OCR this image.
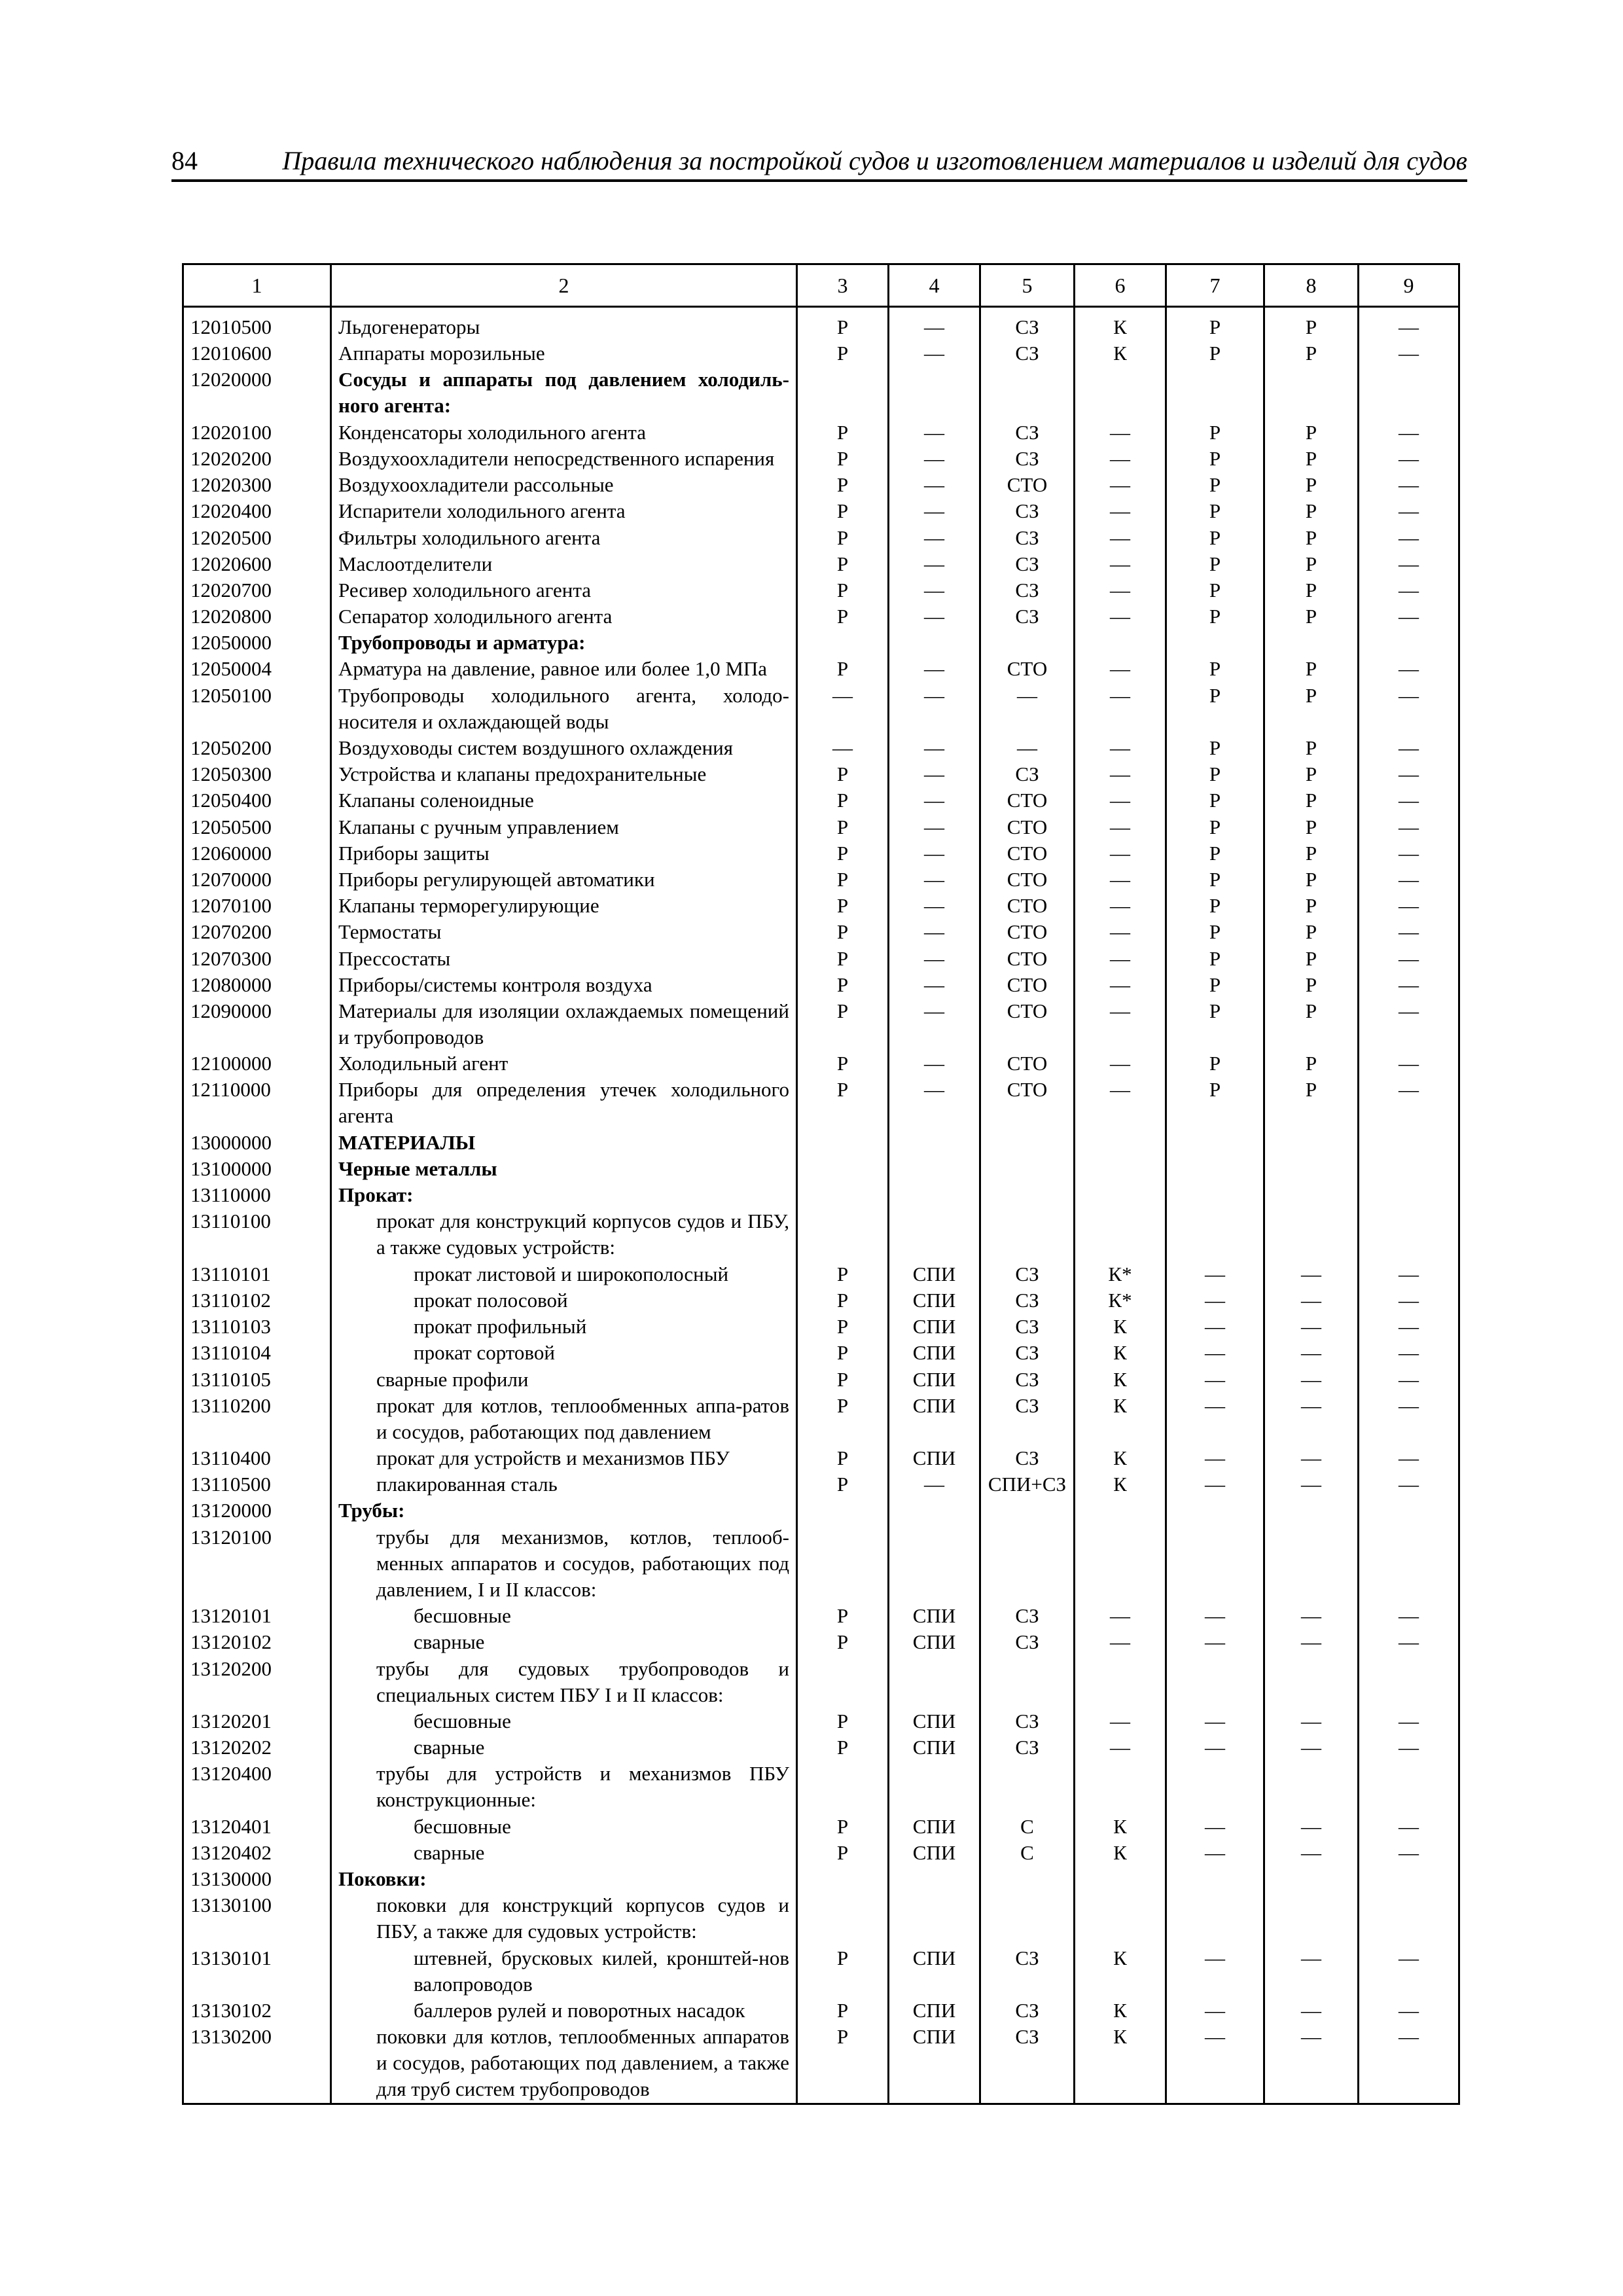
84	Правила технического наблюдения за постройкой судов и изготовлением материалов и изделий для судов
1	2	3	4	5	6	7	8	9
12010500	Льдогенераторы	Р	—	СЗ	К	Р	Р	—
12010600	Аппараты морозильные	Р	—	СЗ	К	Р	Р	—
12020000	Сосуды и аппараты под давлением холодиль-ного агента:							
12020100	Конденсаторы холодильного агента	Р	—	СЗ	—	Р	Р	—
12020200	Воздухоохладители непосредственного испарения	Р	—	СЗ	—	Р	Р	—
12020300	Воздухоохладители рассольные	Р	—	СТО	—	Р	Р	—
12020400	Испарители холодильного агента	Р	—	СЗ	—	Р	Р	—
12020500	Фильтры холодильного агента	Р	—	СЗ	—	Р	Р	—
12020600	Маслоотделители	Р	—	СЗ	—	Р	Р	—
12020700	Ресивер холодильного агента	Р	—	СЗ	—	Р	Р	—
12020800	Сепаратор холодильного агента	Р	—	СЗ	—	Р	Р	—
12050000	Трубопроводы и арматура:							
12050004	Арматура на давление, равное или более 1,0 МПа	Р	—	СТО	—	Р	Р	—
12050100	Трубопроводы холодильного агента, холодо-носителя и охлаждающей воды	—	—	—	—	Р	Р	—
12050200	Воздуховоды систем воздушного охлаждения	—	—	—	—	Р	Р	—
12050300	Устройства и клапаны предохранительные	Р	—	СЗ	—	Р	Р	—
12050400	Клапаны соленоидные	Р	—	СТО	—	Р	Р	—
12050500	Клапаны с ручным управлением	Р	—	СТО	—	Р	Р	—
12060000	Приборы защиты	Р	—	СТО	—	Р	Р	—
12070000	Приборы регулирующей автоматики	Р	—	СТО	—	Р	Р	—
12070100	Клапаны терморегулирующие	Р	—	СТО	—	Р	Р	—
12070200	Термостаты	Р	—	СТО	—	Р	Р	—
12070300	Прессостаты	Р	—	СТО	—	Р	Р	—
12080000	Приборы/системы контроля воздуха	Р	—	СТО	—	Р	Р	—
12090000	Материалы для изоляции охлаждаемых помещений и трубопроводов	Р	—	СТО	—	Р	Р	—
12100000	Холодильный агент	Р	—	СТО	—	Р	Р	—
12110000	Приборы для определения утечек холодильного агента	Р	—	СТО	—	Р	Р	—
13000000	МАТЕРИАЛЫ							
13100000	Черные металлы							
13110000	Прокат:							
13110100	прокат для конструкций корпусов судов и ПБУ, а также судовых устройств:							
13110101	прокат листовой и широкополосный	Р	СПИ	СЗ	К*	—	—	—
13110102	прокат полосовой	Р	СПИ	СЗ	К*	—	—	—
13110103	прокат профильный	Р	СПИ	СЗ	К	—	—	—
13110104	прокат сортовой	Р	СПИ	СЗ	К	—	—	—
13110105	сварные профили	Р	СПИ	СЗ	К	—	—	—
13110200	прокат для котлов, теплообменных аппа-ратов и сосудов, работающих под давлением	Р	СПИ	СЗ	К	—	—	—
13110400	прокат для устройств и механизмов ПБУ	Р	СПИ	СЗ	К	—	—	—
13110500	плакированная сталь	Р	—	СПИ+СЗ	К	—	—	—
13120000	Трубы:							
13120100	трубы для механизмов, котлов, теплооб-менных аппаратов и сосудов, работающих под давлением, I и II классов:							
13120101	бесшовные	Р	СПИ	СЗ	—	—	—	—
13120102	сварные	Р	СПИ	СЗ	—	—	—	—
13120200	трубы для судовых трубопроводов и специальных систем ПБУ I и II классов:							
13120201	бесшовные	Р	СПИ	СЗ	—	—	—	—
13120202	сварные	Р	СПИ	СЗ	—	—	—	—
13120400	трубы для устройств и механизмов ПБУ конструкционные:							
13120401	бесшовные	Р	СПИ	С	К	—	—	—
13120402	сварные	Р	СПИ	С	К	—	—	—
13130000	Поковки:							
13130100	поковки для конструкций корпусов судов и ПБУ, а также для судовых устройств:							
13130101	штевней, брусковых килей, кронштей-нов валопроводов	Р	СПИ	СЗ	К	—	—	—
13130102	баллеров рулей и поворотных насадок	Р	СПИ	СЗ	К	—	—	—
13130200	поковки для котлов, теплообменных аппаратов и сосудов, работающих под давлением, а также для труб систем трубопроводов	Р	СПИ	СЗ	К	—	—	—
